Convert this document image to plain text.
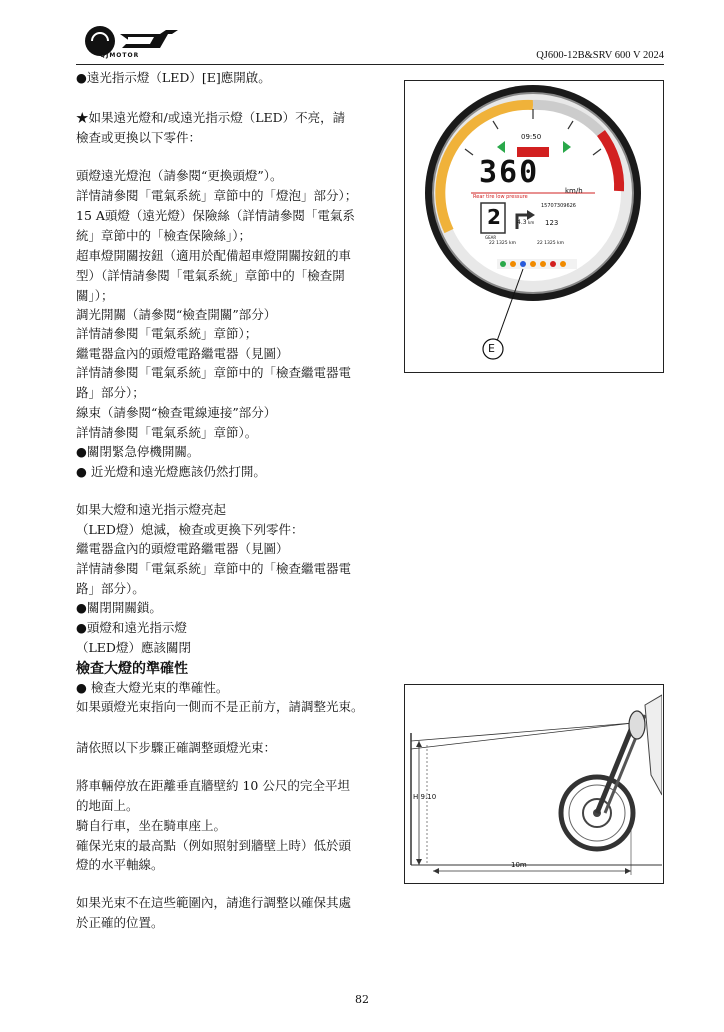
QJMOTOR	QJ600-12B&SRV 600 V 2024
●遠光指示燈（LED）[E]應開啟。
★如果遠光燈和/或遠光指示燈（LED）不亮，請
檢查或更換以下零件：
頭燈遠光燈泡（請參閱“更換頭燈”）。
詳情請參閱「電氣系統」章節中的「燈泡」部分）；
15 A頭燈（遠光燈）保險絲（詳情請參閱「電氣系
統」章節中的「檢查保險絲」）；
超車燈開關按鈕（適用於配備超車燈開關按鈕的車
型）（詳情請參閱「電氣系統」章節中的「檢查開
關」）；
調光開關（請參閱“檢查開關”部分）
詳情請參閱「電氣系統」章節）；
繼電器盒內的頭燈電路繼電器（見圖）
詳情請參閱「電氣系統」章節中的「檢查繼電器電
路」部分）；
線束（請參閱“檢查電線連接”部分）
詳情請參閱「電氣系統」章節）。
●關閉緊急停機開關。
● 近光燈和遠光燈應該仍然打開。
如果大燈和遠光指示燈亮起
（LED燈）熄滅，檢查或更換下列零件：
繼電器盒內的頭燈電路繼電器（見圖）
詳情請參閱「電氣系統」章節中的「檢查繼電器電
路」部分）。
●關閉開關鎖。
●頭燈和遠光指示燈
（LED燈）應該關閉
檢查大燈的準確性
● 檢查大燈光束的準確性。
如果頭燈光束指向一側而不是正前方，請調整光束。
請依照以下步驟正確調整頭燈光束：
將車輛停放在距離垂直牆壁約 10 公尺的完全平坦
的地面上。
騎自行車，坐在騎車座上。
確保光束的最高點（例如照射到牆壁上時）低於頭
燈的水平軸線。
如果光束不在這些範圍內，請進行調整以確保其處
於正確的位置。
09:50
360
km/h
Rear tire low pressure
2
GEAR
15707309626
4.3 km 123
22 1325 km	22 1325 km
E
H 9:10
10m
82
